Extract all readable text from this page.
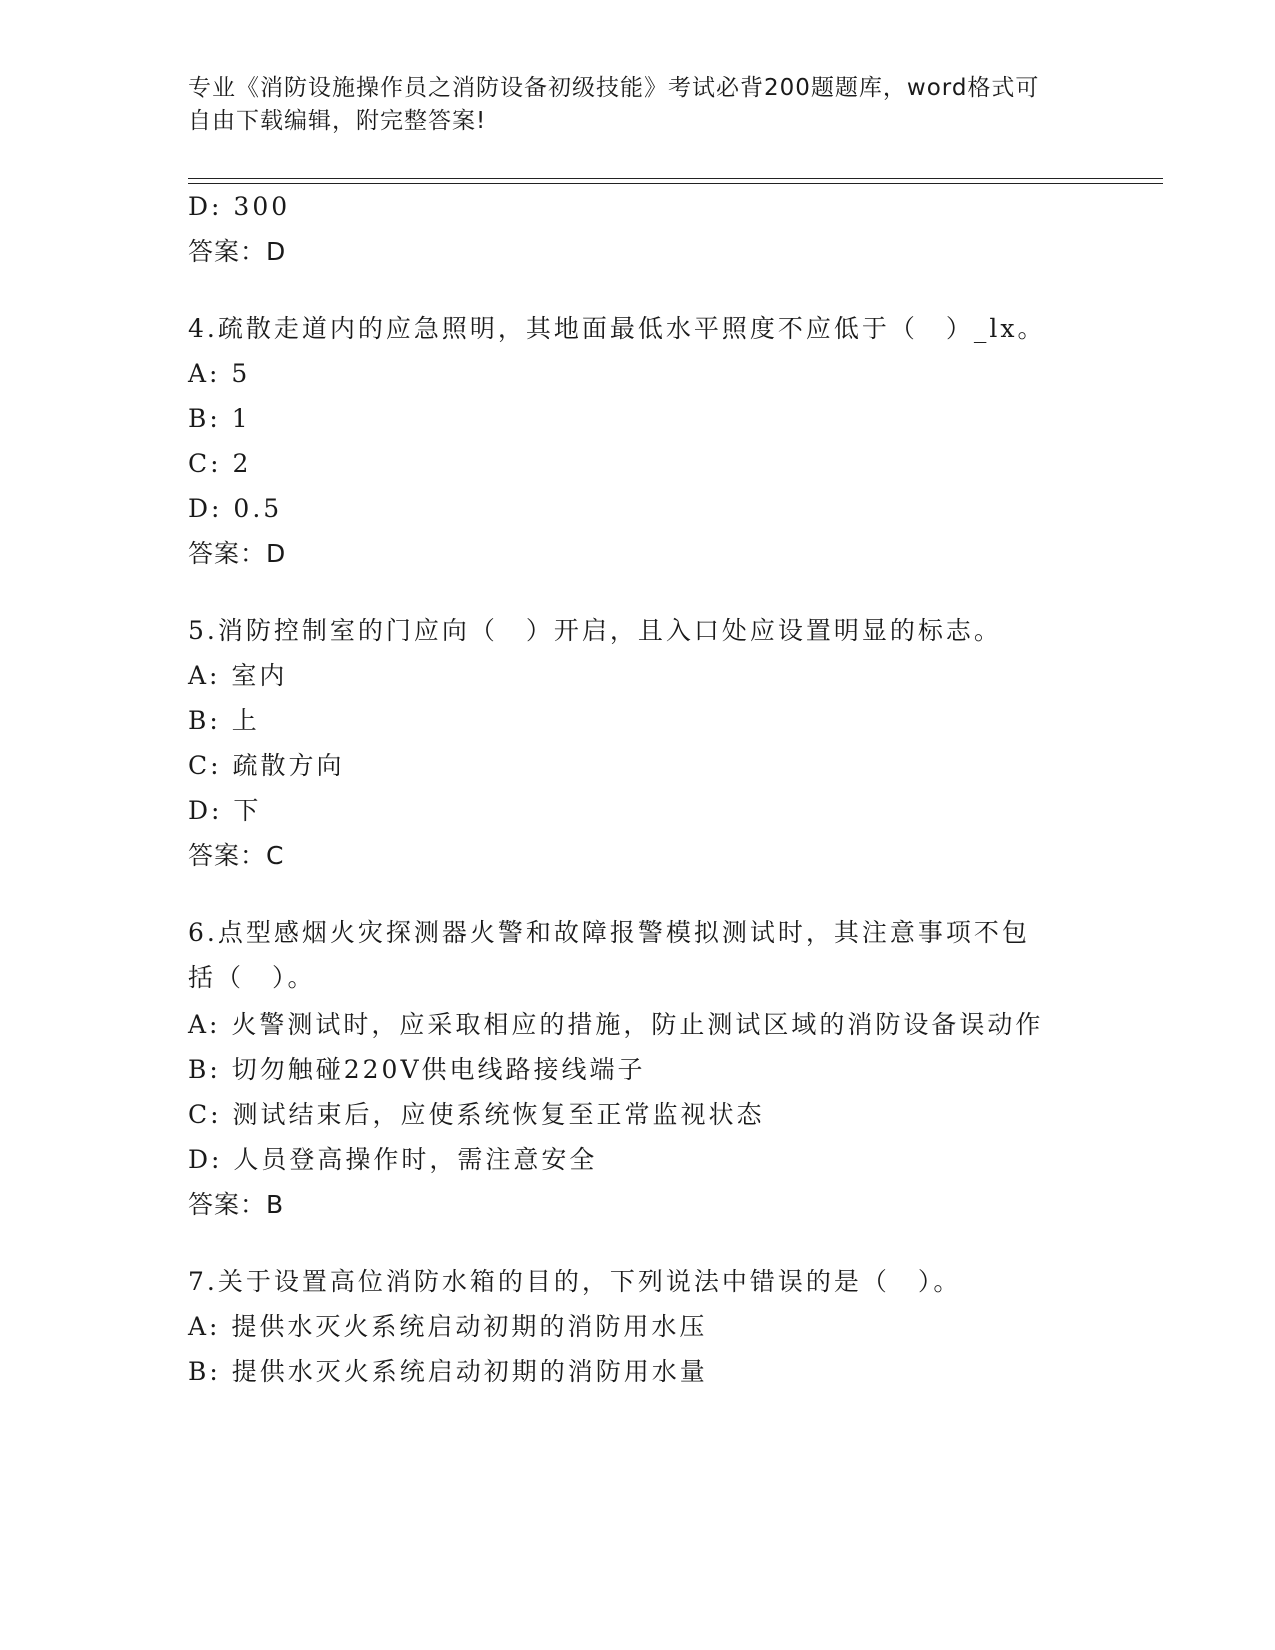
专业《消防设施操作员之消防设备初级技能》考试必背200题题库，word格式可
自由下载编辑，附完整答案!
D: 300
答案：D
4.疏散走道内的应急照明，其地面最低水平照度不应低于（　）_lx。
A: 5
B: 1
C: 2
D: 0.5
答案：D
5.消防控制室的门应向（　）开启，且入口处应设置明显的标志。
A: 室内
B: 上
C: 疏散方向
D: 下
答案：C
6.点型感烟火灾探测器火警和故障报警模拟测试时，其注意事项不包
括（　）。
A: 火警测试时，应采取相应的措施，防止测试区域的消防设备误动作
B: 切勿触碰220V供电线路接线端子
C: 测试结束后，应使系统恢复至正常监视状态
D: 人员登高操作时，需注意安全
答案：B
7.关于设置高位消防水箱的目的，下列说法中错误的是（　）。
A: 提供水灭火系统启动初期的消防用水压
B: 提供水灭火系统启动初期的消防用水量
